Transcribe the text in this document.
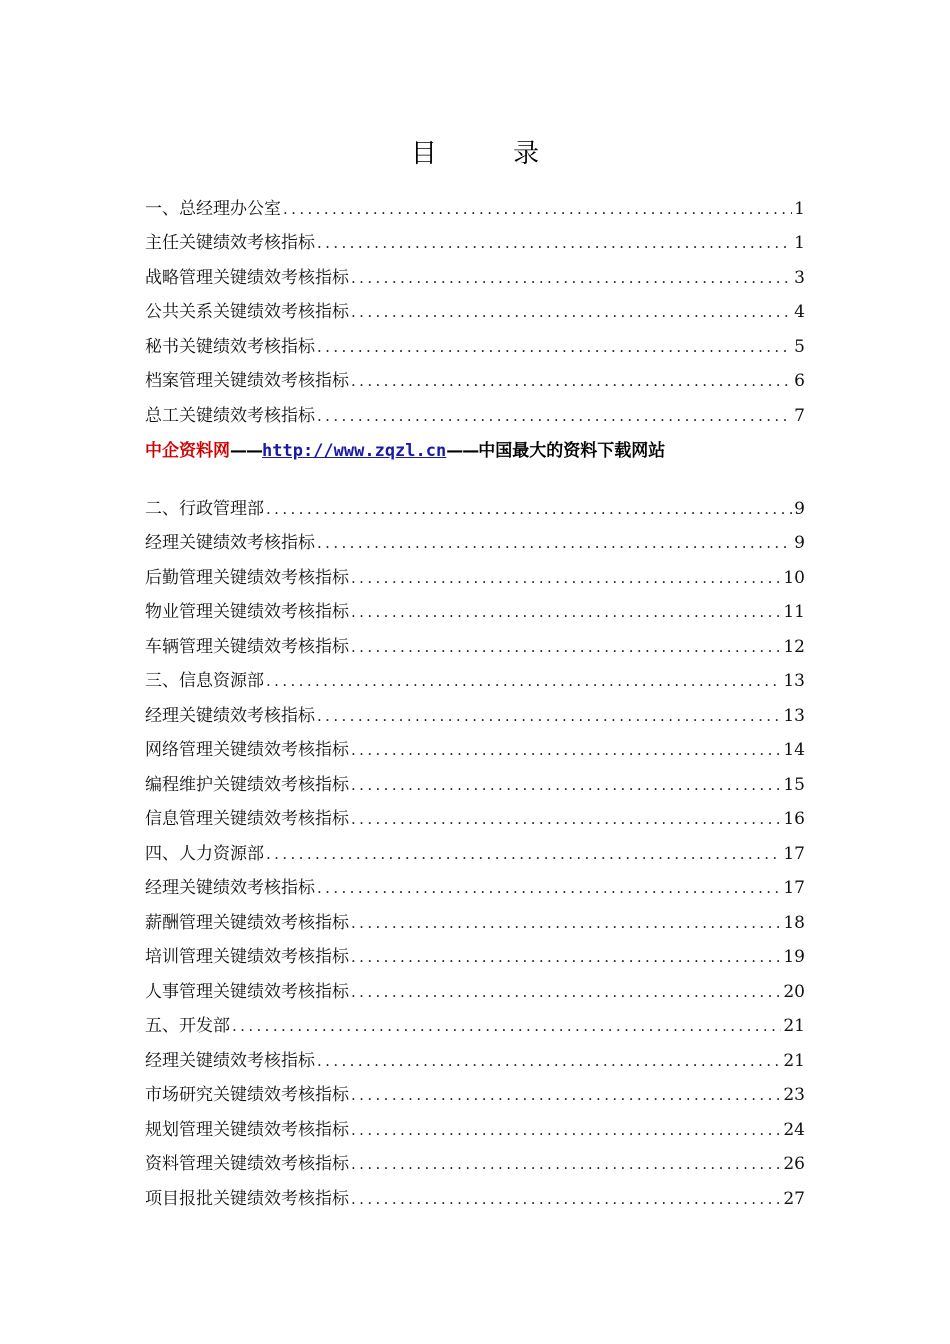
目 录
一、总经理办公室 .....	1
主任关键绩效考核指标 .....	1
战略管理关键绩效考核指标 .....	3
公共关系关键绩效考核指标 .....	4
秘书关键绩效考核指标 .....	5
档案管理关键绩效考核指标 .....	6
总工关键绩效考核指标 .....	7
中企资料网——http://www.zqzl.cn——中国最大的资料下载网站
二、行政管理部 .....	9
经理关键绩效考核指标 .....	9
后勤管理关键绩效考核指标 .....	10
物业管理关键绩效考核指标 .....	11
车辆管理关键绩效考核指标 .....	12
三、信息资源部 .....	13
经理关键绩效考核指标 .....	13
网络管理关键绩效考核指标 .....	14
编程维护关键绩效考核指标 .....	15
信息管理关键绩效考核指标 .....	16
四、人力资源部 .....	17
经理关键绩效考核指标 .....	17
薪酬管理关键绩效考核指标 .....	18
培训管理关键绩效考核指标 .....	19
人事管理关键绩效考核指标 .....	20
五、开发部 .....	21
经理关键绩效考核指标 .....	21
市场研究关键绩效考核指标 .....	23
规划管理关键绩效考核指标 .....	24
资料管理关键绩效考核指标 .....	26
项目报批关键绩效考核指标 .....	27
